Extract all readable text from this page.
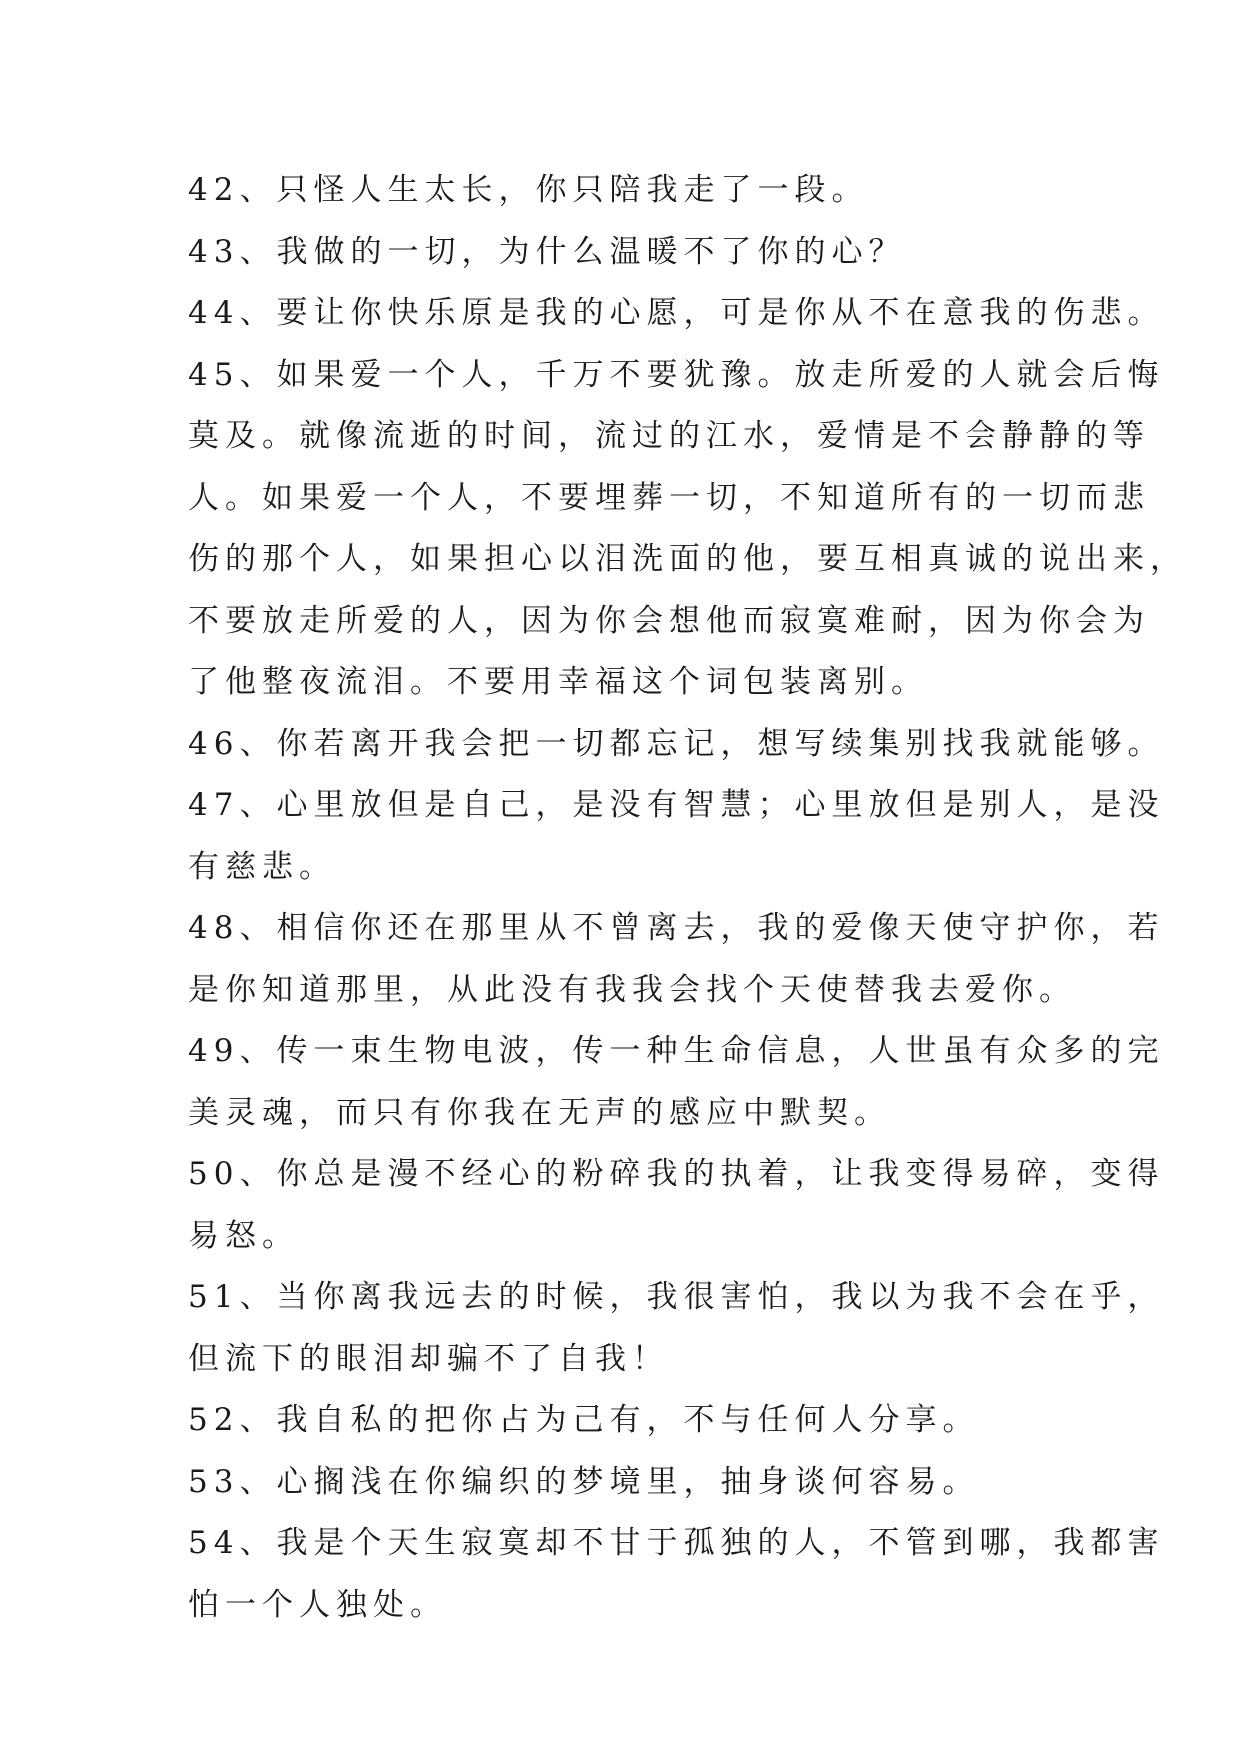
42、只怪人生太长，你只陪我走了一段。
43、我做的一切，为什么温暖不了你的心？
44、要让你快乐原是我的心愿，可是你从不在意我的伤悲。
45、如果爱一个人，千万不要犹豫。放走所爱的人就会后悔
莫及。就像流逝的时间，流过的江水，爱情是不会静静的等
人。如果爱一个人，不要埋葬一切，不知道所有的一切而悲
伤的那个人，如果担心以泪洗面的他，要互相真诚的说出来，
不要放走所爱的人，因为你会想他而寂寞难耐，因为你会为
了他整夜流泪。不要用幸福这个词包装离别。
46、你若离开我会把一切都忘记，想写续集别找我就能够。
47、心里放但是自己，是没有智慧；心里放但是别人，是没
有慈悲。
48、相信你还在那里从不曾离去，我的爱像天使守护你，若
是你知道那里，从此没有我我会找个天使替我去爱你。
49、传一束生物电波，传一种生命信息，人世虽有众多的完
美灵魂，而只有你我在无声的感应中默契。
50、你总是漫不经心的粉碎我的执着，让我变得易碎，变得
易怒。
51、当你离我远去的时候，我很害怕，我以为我不会在乎，
但流下的眼泪却骗不了自我！
52、我自私的把你占为己有，不与任何人分享。
53、心搁浅在你编织的梦境里，抽身谈何容易。
54、我是个天生寂寞却不甘于孤独的人，不管到哪，我都害
怕一个人独处。
